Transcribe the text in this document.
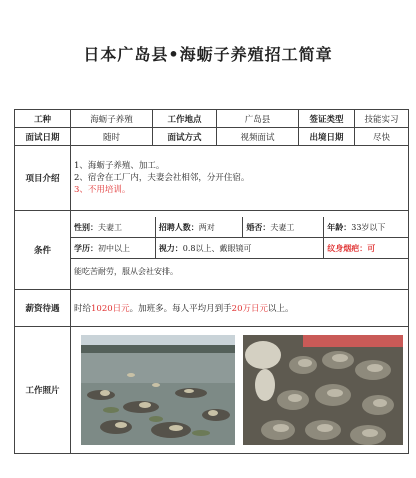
日本广岛县•海蛎子养殖招工简章
工种	海蛎子养殖	工作地点	广岛县	签证类型	技能实习
面试日期	随时	面试方式	视频面试	出境日期	尽快
项目介绍	
1、海蛎子养殖、加工。
2、宿舍在工厂内，夫妻会社相邻，分开住宿。
3、不用培训。

条件	
性别：夫妻工	招聘人数：两对	婚否：夫妻工	年龄：33岁以下
学历：初中以上	视力：0.8以上、戴眼镜可	纹身烟疤：可
能吃苦耐劳，服从会社安排。

薪资待遇	时给1020日元。加班多。每人平均月到手20万日元以上。
工作照片	
